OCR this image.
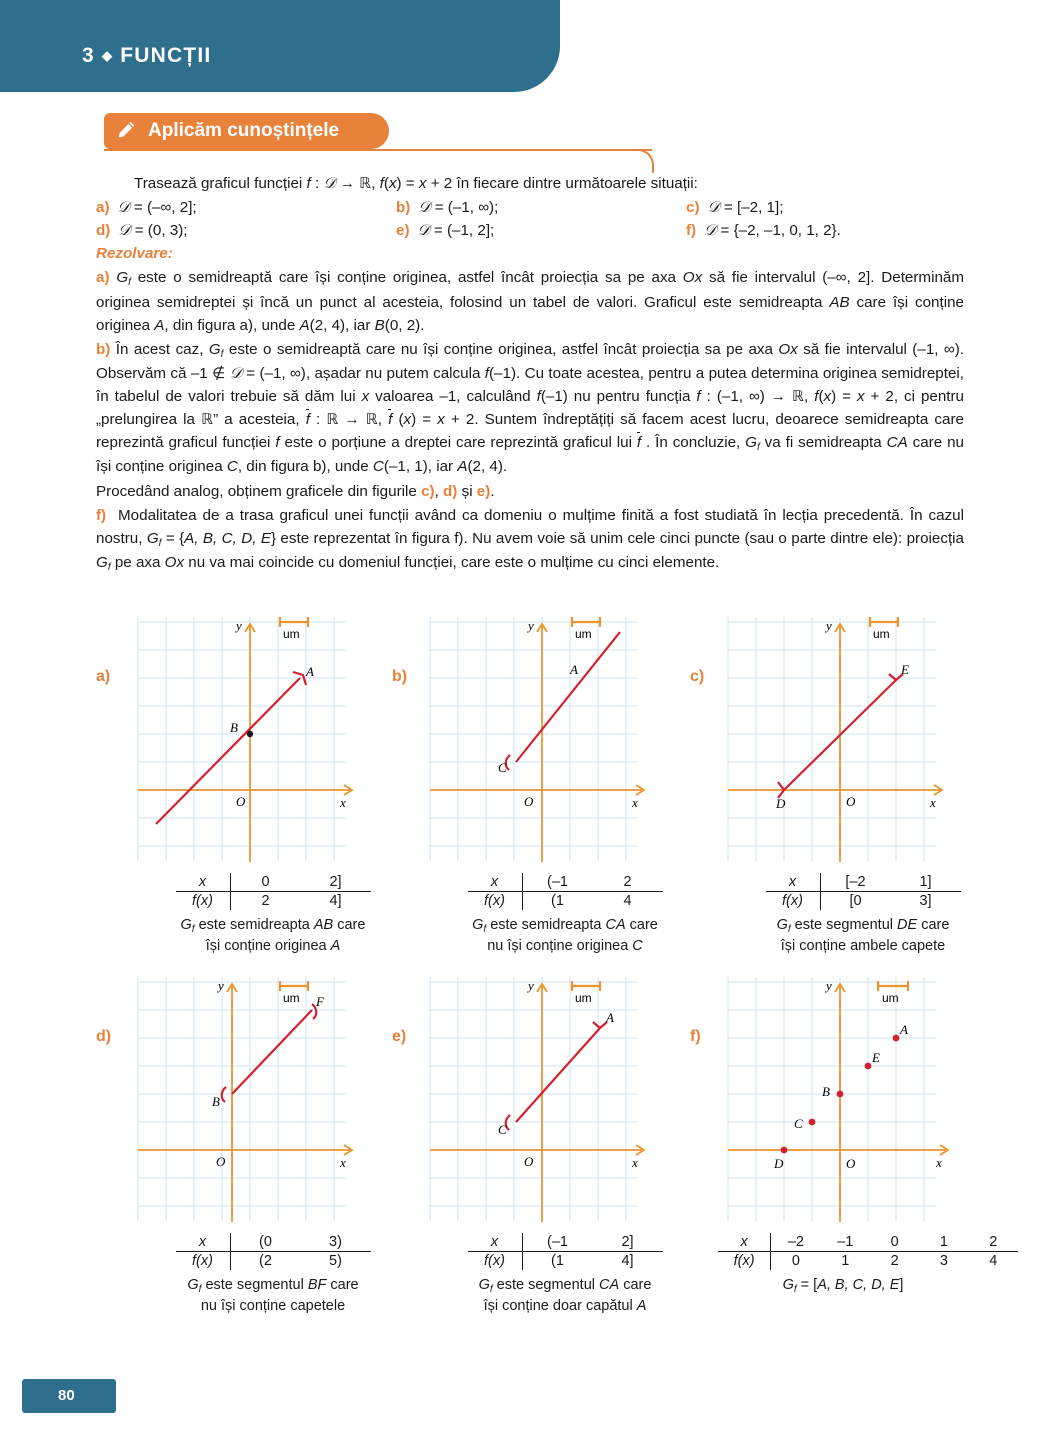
3 ◆ FUNCȚII
Aplicăm cunoștințele

Trasează graficul funcției f : 𝒟 → ℝ, f(x) = x + 2 în fiecare dintre următoarele situații:

a)  𝒟 = (–∞, 2];	b)  𝒟 = (–1, ∞);	c)  𝒟 = [–2, 1];
d)  𝒟 = (0, 3);	e)  𝒟 = (–1, 2];	f)  𝒟 = {–2, –1, 0, 1, 2}.

Rezolvare:

a) $G_f$ este o semidreaptă care își conține originea, astfel încât proiecția sa pe axa Ox să fie intervalul (–∞, 2]. Determinăm originea semidreptei și încă un punct al acesteia, folosind un tabel de valori. Graficul este semidreapta AB care își conține originea A, din figura a), unde A(2, 4), iar B(0, 2).

b) În acest caz, $G_f$ este o semidreaptă care nu își conține originea, astfel încât proiecția sa pe axa Ox să fie intervalul (–1, ∞). Observăm că –1 ∉ 𝒟 = (–1, ∞), așadar nu putem calcula f(–1). Cu toate acestea, pentru a putea determina originea semidreptei, în tabelul de valori trebuie să dăm lui x valoarea –1, calculând f(–1) nu pentru funcția f : (–1, ∞) → ℝ, f(x) = x + 2, ci pentru „prelungirea la ℝ” a acesteia, f : ℝ → ℝ, f (x) = x + 2. Suntem îndreptățiți să facem acest lucru, deoarece semidreapta care reprezintă graficul funcției f este o porțiune a dreptei care reprezintă graficul lui f . În concluzie, $G_f$ va fi semidreapta CA care nu își conține originea C, din figura b), unde C(–1, 1), iar A(2, 4).

Procedând analog, obținem graficele din figurile c), d) și e).

f)  Modalitatea de a trasa graficul unei funcții având ca domeniu o mulțime finită a fost studiată în lecția precedentă. În cazul nostru, $G_f = \{A$, B, C, D, E} este reprezentat în figura f). Nu avem voie să unim cele cinci puncte (sau o parte dintre ele): proiecția $G_f$ pe axa Ox nu va mai coincide cu domeniul funcției, care este o mulțime cu cinci elemente.

a)
y
x
um
O
A
B
x	0	2]
f(x)	2	4]
$G_f$ este semidreapta AB care
își conține originea A
b)
y
x
um
O
A
C
x	(–1	2
f(x)	(1	4
$G_f$ este semidreapta CA care
nu își conține originea C
c)
y
x
um
O
E
D
x	[–2	1]
f(x)	[0	3]
$G_f$ este segmentul DE care
își conține ambele capete
d)
y
x
um
O
F
B
x	(0	3)
f(x)	(2	5)
$G_f$ este segmentul BF care
nu își conține capetele
e)
y
x
um
O
A
C
x	(–1	2]
f(x)	(1	4]
$G_f$ este segmentul CA care
își conține doar capătul A
f)
y
x
um
O
D
C
B
E
A
x	–2	–1	0	1	2
f(x)	0	1	2	3	4
$G_f = [A$, B, C, D, E]
80
